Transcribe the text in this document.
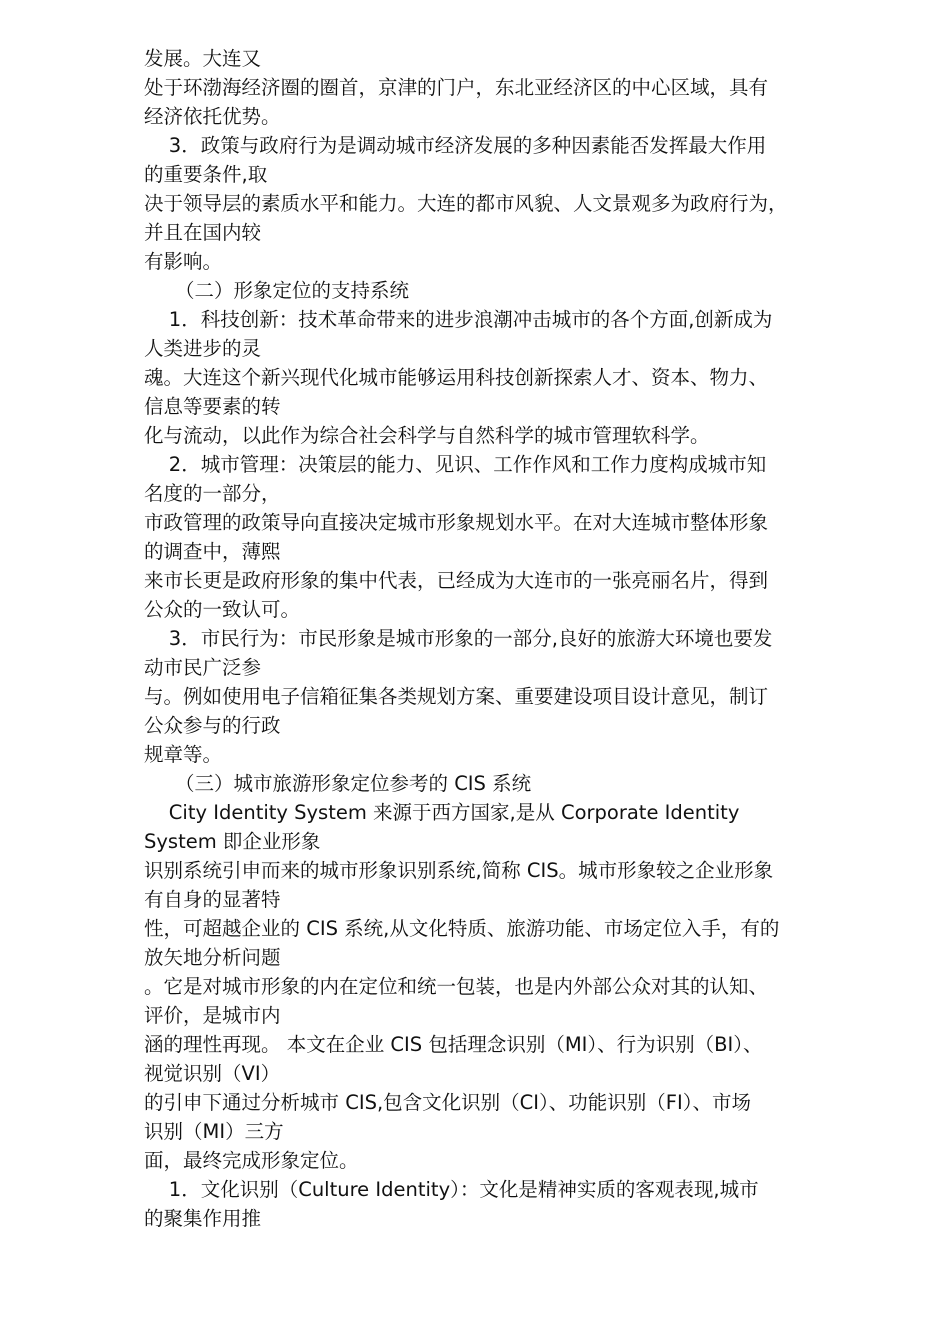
发展。大连又
处于环渤海经济圈的圈首，京津的门户，东北亚经济区的中心区域，具有
经济依托优势。
3．政策与政府行为是调动城市经济发展的多种因素能否发挥最大作用
的重要条件,取
决于领导层的素质水平和能力。大连的都市风貌、人文景观多为政府行为，
并且在国内较
有影响。
（二）形象定位的支持系统
1．科技创新：技术革命带来的进步浪潮冲击城市的各个方面,创新成为
人类进步的灵
魂。大连这个新兴现代化城市能够运用科技创新探索人才、资本、物力、
信息等要素的转
化与流动，以此作为综合社会科学与自然科学的城市管理软科学。
2．城市管理：决策层的能力、见识、工作作风和工作力度构成城市知
名度的一部分，
市政管理的政策导向直接决定城市形象规划水平。在对大连城市整体形象
的调查中，薄熙
来市长更是政府形象的集中代表，已经成为大连市的一张亮丽名片，得到
公众的一致认可。
3．市民行为：市民形象是城市形象的一部分,良好的旅游大环境也要发
动市民广泛参
与。例如使用电子信箱征集各类规划方案、重要建设项目设计意见，制订
公众参与的行政
规章等。
（三）城市旅游形象定位参考的 CIS 系统
City Identity System 来源于西方国家,是从 Corporate Identity
System 即企业形象
识别系统引申而来的城市形象识别系统,简称 CIS。城市形象较之企业形象
有自身的显著特
性，可超越企业的 CIS 系统,从文化特质、旅游功能、市场定位入手，有的
放矢地分析问题
。它是对城市形象的内在定位和统一包装，也是内外部公众对其的认知、
评价，是城市内
涵的理性再现。 本文在企业 CIS 包括理念识别（MI）、行为识别（BI）、
视觉识别（VI）
的引申下通过分析城市 CIS,包含文化识别（CI）、功能识别（FI）、市场
识别（MI）三方
面，最终完成形象定位。
1．文化识别（Culture Identity）：文化是精神实质的客观表现,城市
的聚集作用推
